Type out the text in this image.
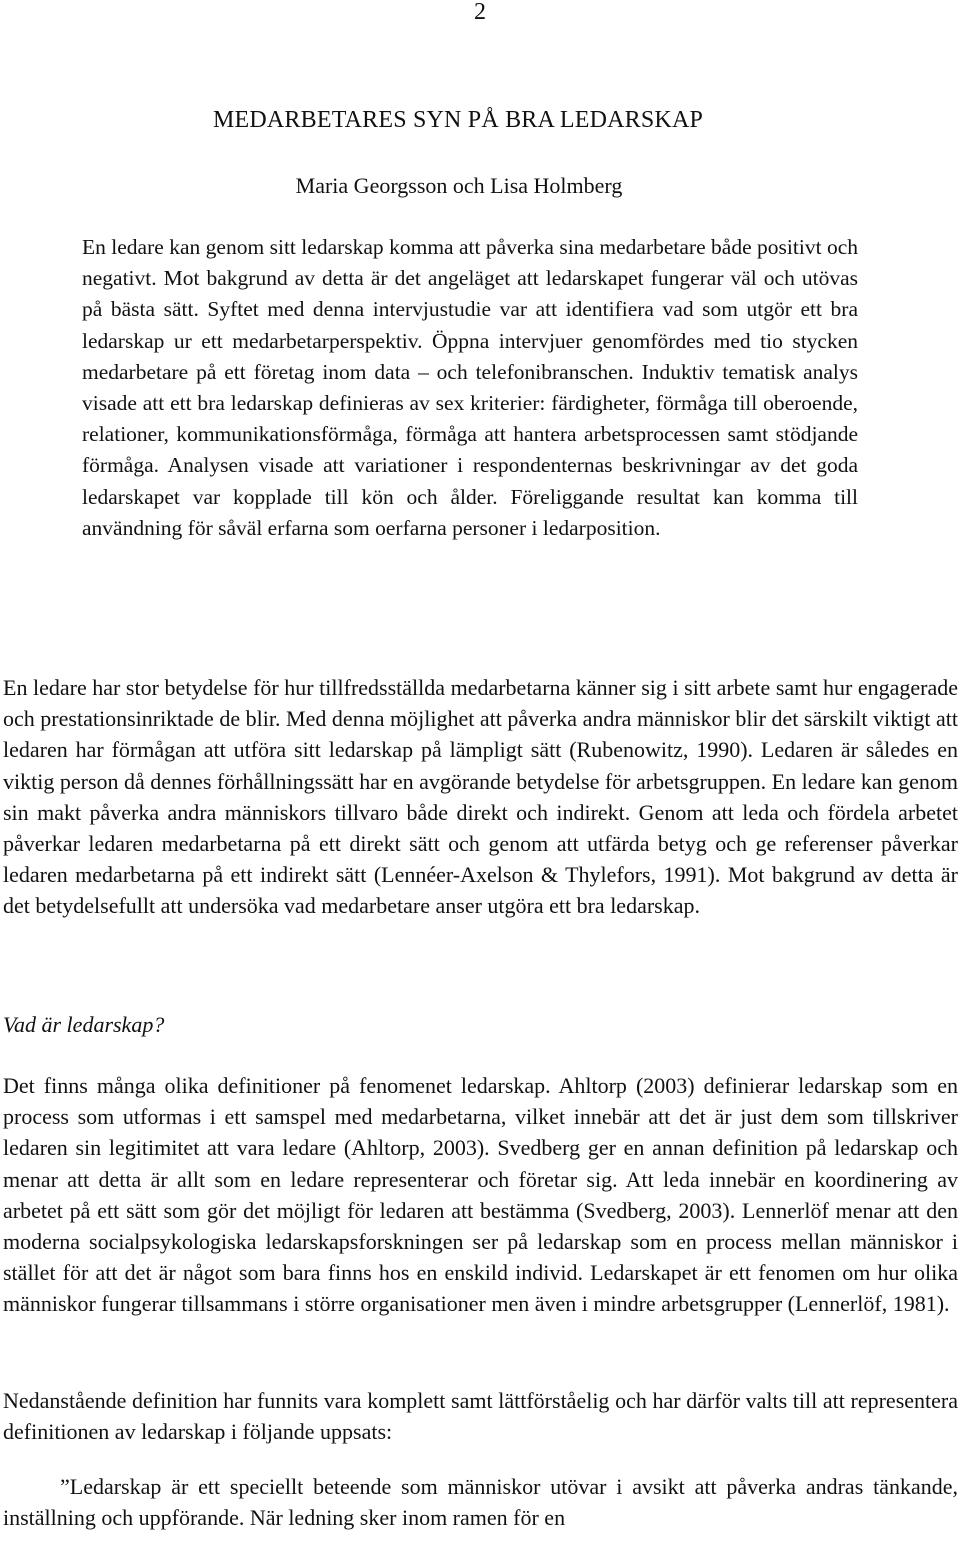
2
MEDARBETARES SYN PÅ BRA LEDARSKAP
Maria Georgsson och Lisa Holmberg

En ledare kan genom sitt ledarskap komma att påverka sina medarbetare både positivt och negativt. Mot bakgrund av detta är det angeläget att ledarskapet fungerar väl och utövas på bästa sätt. Syftet med denna intervjustudie var att identifiera vad som utgör ett bra ledarskap ur ett medarbetarperspektiv. Öppna intervjuer genomfördes med tio stycken medarbetare på ett företag inom data – och telefonibranschen. Induktiv tematisk analys visade att ett bra ledarskap definieras av sex kriterier: färdigheter, förmåga till oberoende, relationer, kommunikationsförmåga, förmåga att hantera arbetsprocessen samt stödjande förmåga. Analysen visade att variationer i respondenternas beskrivningar av det goda ledarskapet var kopplade till kön och ålder. Föreliggande resultat kan komma till användning för såväl erfarna som oerfarna personer i ledarposition.

En ledare har stor betydelse för hur tillfredsställda medarbetarna känner sig i sitt arbete samt hur engagerade och prestationsinriktade de blir. Med denna möjlighet att påverka andra människor blir det särskilt viktigt att ledaren har förmågan att utföra sitt ledarskap på lämpligt sätt (Rubenowitz, 1990). Ledaren är således en viktig person då dennes förhållningssätt har en avgörande betydelse för arbetsgruppen. En ledare kan genom sin makt påverka andra människors tillvaro både direkt och indirekt. Genom att leda och fördela arbetet påverkar ledaren medarbetarna på ett direkt sätt och genom att utfärda betyg och ge referenser påverkar ledaren medarbetarna på ett indirekt sätt (Lennéer-Axelson & Thylefors, 1991). Mot bakgrund av detta är det betydelsefullt att undersöka vad medarbetare anser utgöra ett bra ledarskap.

Vad är ledarskap?

Det finns många olika definitioner på fenomenet ledarskap. Ahltorp (2003) definierar ledarskap som en process som utformas i ett samspel med medarbetarna, vilket innebär att det är just dem som tillskriver ledaren sin legitimitet att vara ledare (Ahltorp, 2003). Svedberg ger en annan definition på ledarskap och menar att detta är allt som en ledare representerar och företar sig. Att leda innebär en koordinering av arbetet på ett sätt som gör det möjligt för ledaren att bestämma (Svedberg, 2003). Lennerlöf menar att den moderna socialpsykologiska ledarskapsforskningen ser på ledarskap som en process mellan människor i stället för att det är något som bara finns hos en enskild individ. Ledarskapet är ett fenomen om hur olika människor fungerar tillsammans i större organisationer men även i mindre arbetsgrupper (Lennerlöf, 1981).

Nedanstående definition har funnits vara komplett samt lättförståelig och har därför valts till att representera definitionen av ledarskap i följande uppsats:

”Ledarskap är ett speciellt beteende som människor utövar i avsikt att påverka andras tänkande, inställning och uppförande. När ledning sker inom ramen för en
